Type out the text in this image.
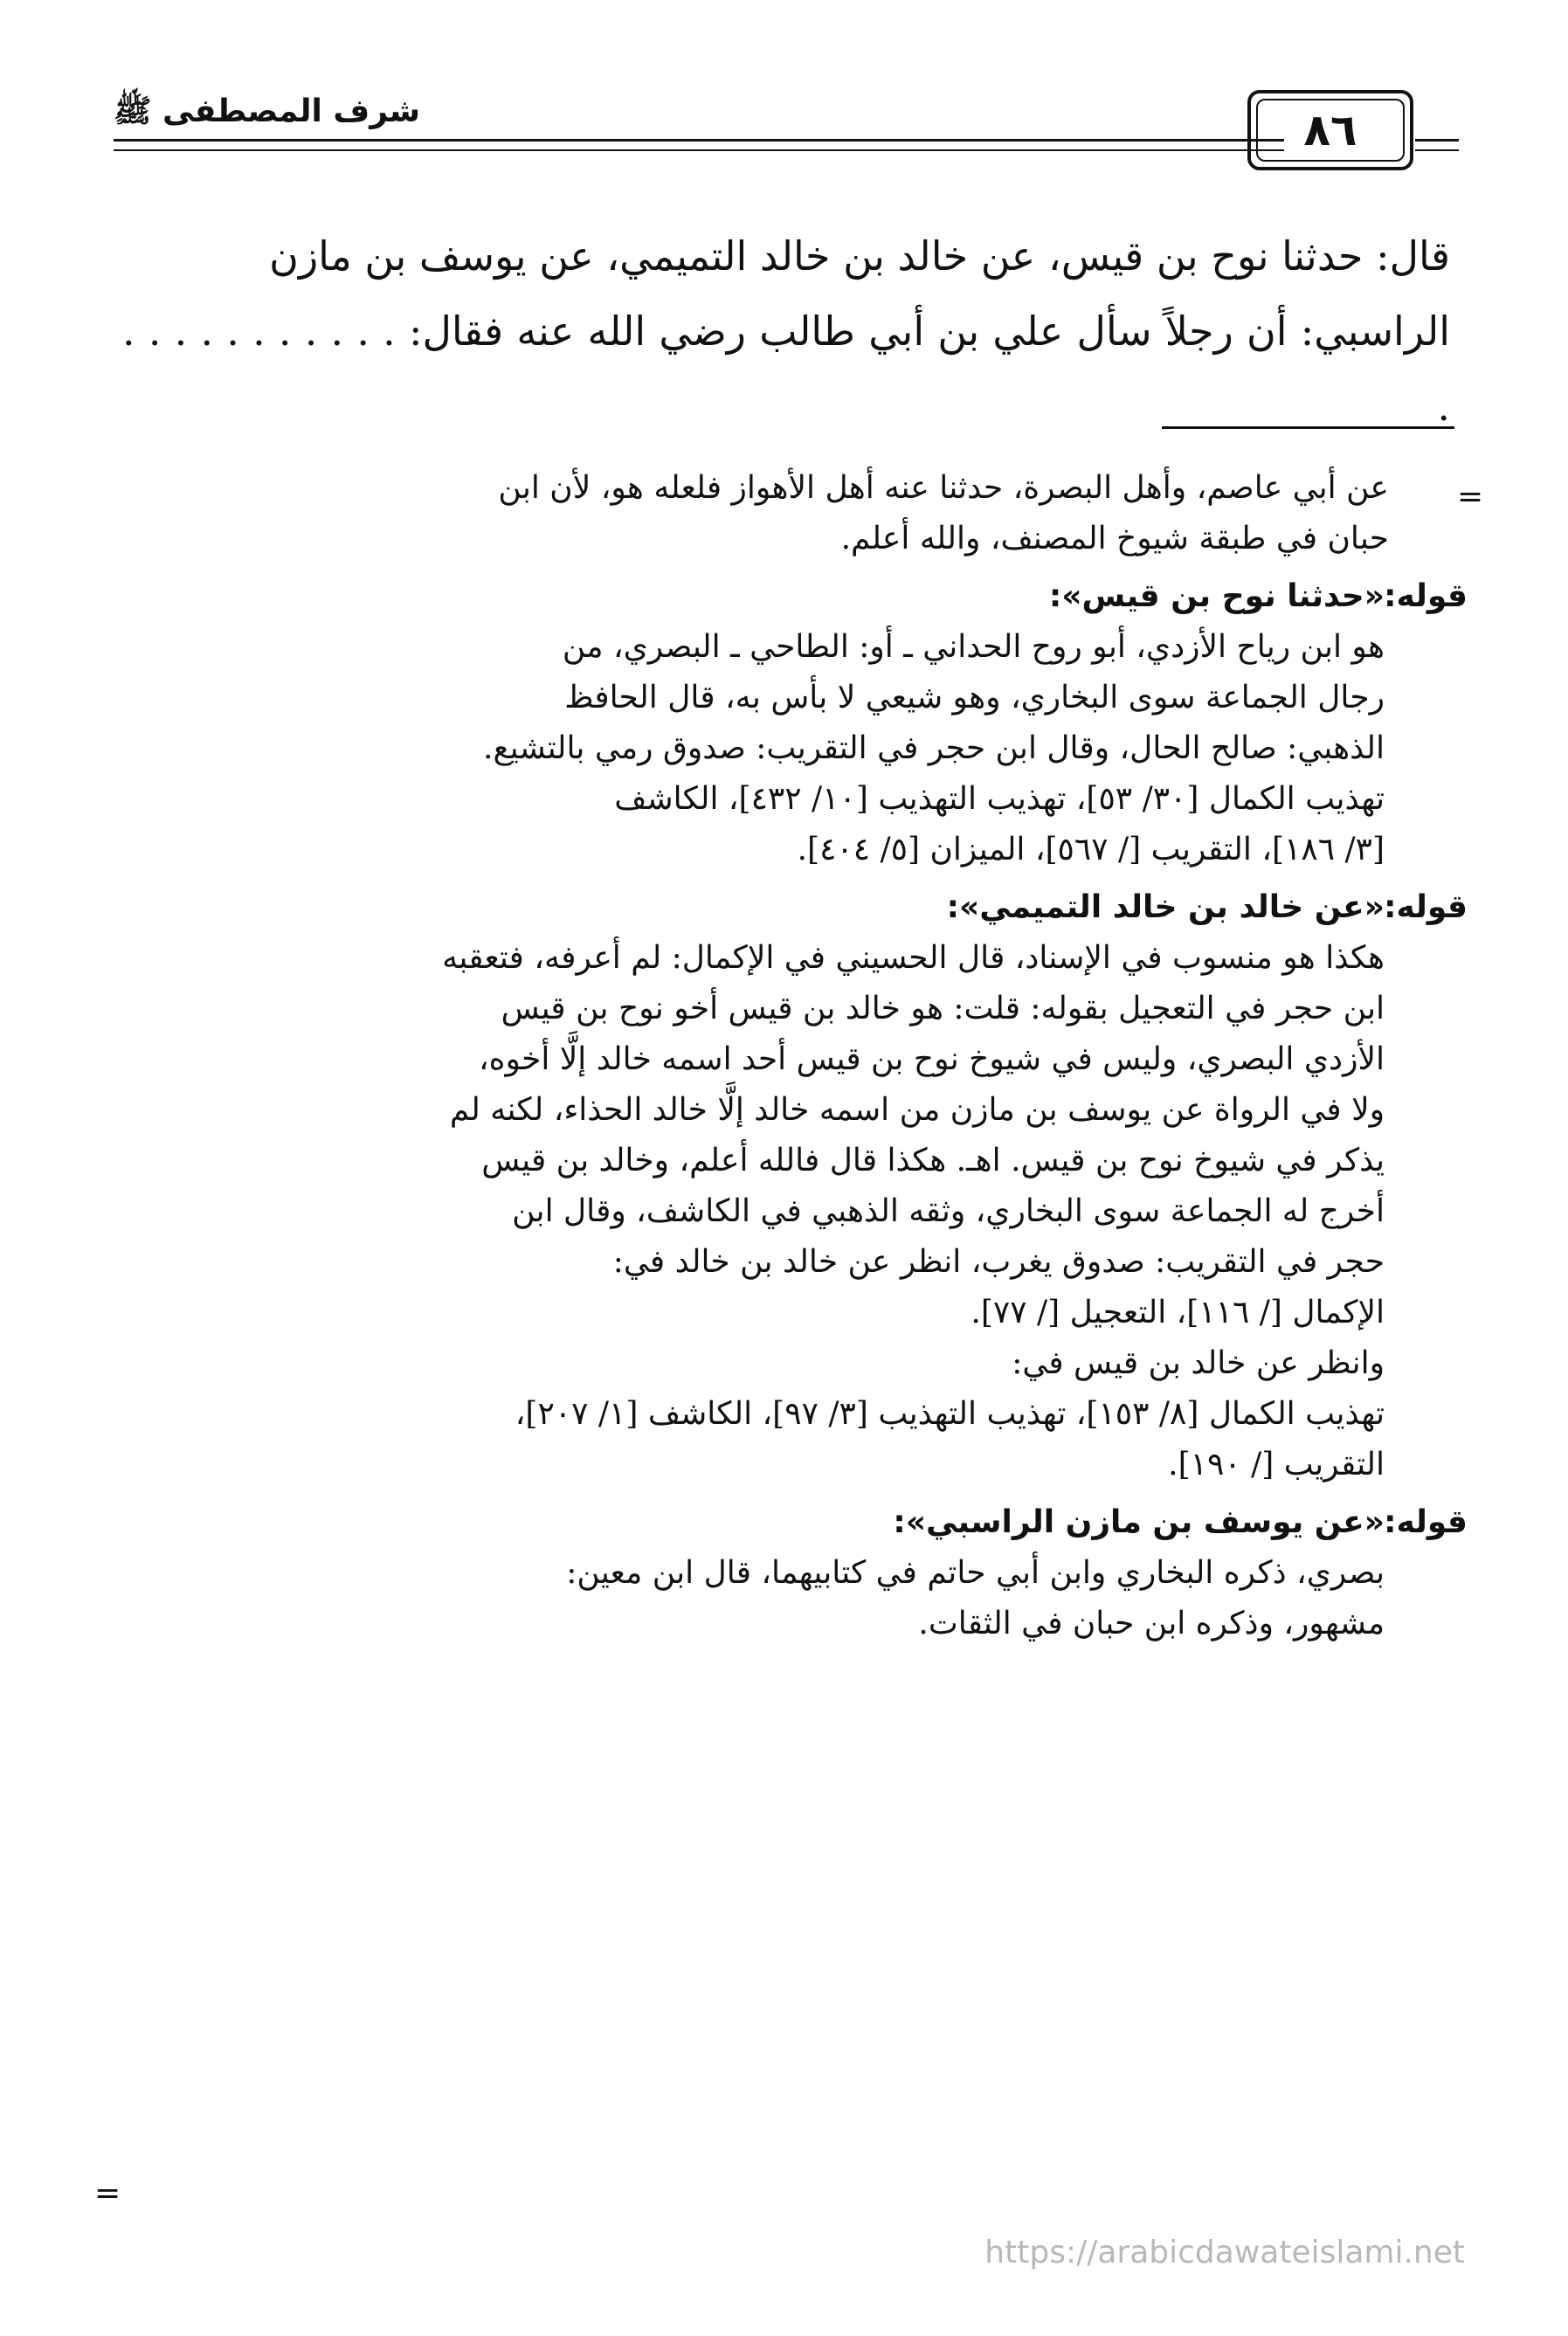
شرف المصطفى ﷺ	٨٦

قال: حدثنا نوح بن قيس، عن خالد بن خالد التميمي، عن يوسف بن مازن

الراسبي: أن رجلاً سأل علي بن أبي طالب رضي الله عنه فقال: . . . . . . . . . . . .

=

عن أبي عاصم، وأهل البصرة، حدثنا عنه أهل الأهواز فلعله هو، لأن ابن

حبان في طبقة شيوخ المصنف، والله أعلم.

قوله:
«حدثنا نوح بن قيس»:

هو ابن رياح الأزدي، أبو روح الحداني ـ أو: الطاحي ـ البصري، من

رجال الجماعة سوى البخاري، وهو شيعي لا بأس به، قال الحافظ

الذهبي: صالح الحال، وقال ابن حجر في التقريب: صدوق رمي بالتشيع.

تهذيب الكمال [٣٠/ ٥٣]، تهذيب التهذيب [١٠/ ٤٣٢]، الكاشف

[٣/ ١٨٦]، التقريب [/ ٥٦٧]، الميزان [٥/ ٤٠٤].

قوله:
«عن خالد بن خالد التميمي»:

هكذا هو منسوب في الإسناد، قال الحسيني في الإكمال: لم أعرفه، فتعقبه

ابن حجر في التعجيل بقوله: قلت: هو خالد بن قيس أخو نوح بن قيس

الأزدي البصري، وليس في شيوخ نوح بن قيس أحد اسمه خالد إلَّا أخوه،

ولا في الرواة عن يوسف بن مازن من اسمه خالد إلَّا خالد الحذاء، لكنه لم

يذكر في شيوخ نوح بن قيس. اهـ. هكذا قال فالله أعلم، وخالد بن قيس

أخرج له الجماعة سوى البخاري، وثقه الذهبي في الكاشف، وقال ابن

حجر في التقريب: صدوق يغرب، انظر عن خالد بن خالد في:

الإكمال [/ ١١٦]، التعجيل [/ ٧٧].

وانظر عن خالد بن قيس في:

تهذيب الكمال [٨/ ١٥٣]، تهذيب التهذيب [٣/ ٩٧]، الكاشف [١/ ٢٠٧]،

التقريب [/ ١٩٠].

قوله:
«عن يوسف بن مازن الراسبي»:

بصري، ذكره البخاري وابن أبي حاتم في كتابيهما، قال ابن معين:

مشهور، وذكره ابن حبان في الثقات.

=
https://arabicdawateislami.net
